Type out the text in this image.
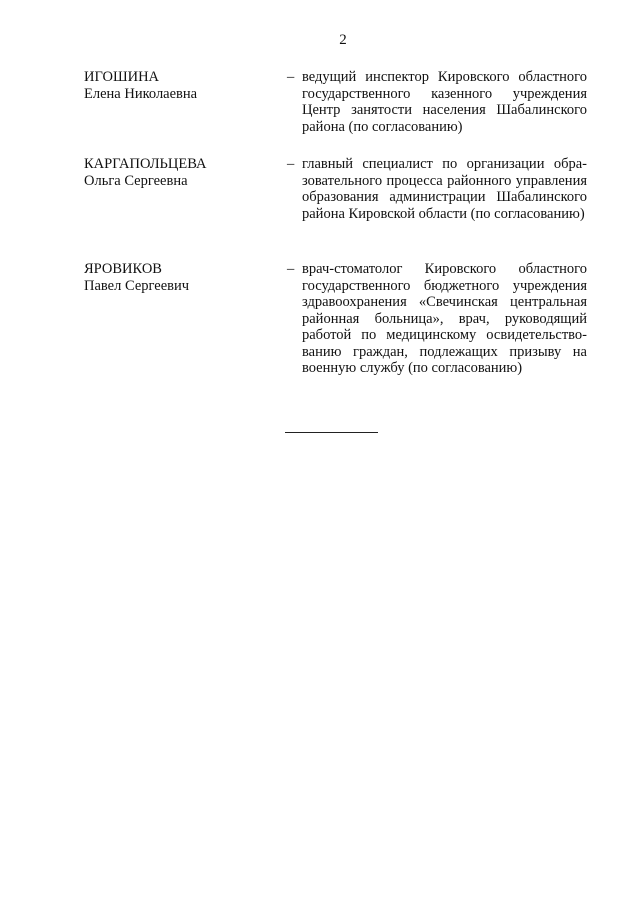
2
ИГОШИНА
Елена Николаевна
– ведущий инспектор Кировского областного государственного казенного учреждения Центр занятости населения Шабалинского района (по согласованию)
КАРГАПОЛЬЦЕВА
Ольга Сергеевна
– главный специалист по организации образовательного процесса районного управления образования администрации Шабалинского района Кировской области (по согласованию)
ЯРОВИКОВ
Павел Сергеевич
– врач-стоматолог Кировского областного государственного бюджетного учреждения здравоохранения «Свечинская центральная районная больница», врач, руководящий работой по медицинскому освидетельствованию граждан, подлежащих призыву на военную службу (по согласованию)
